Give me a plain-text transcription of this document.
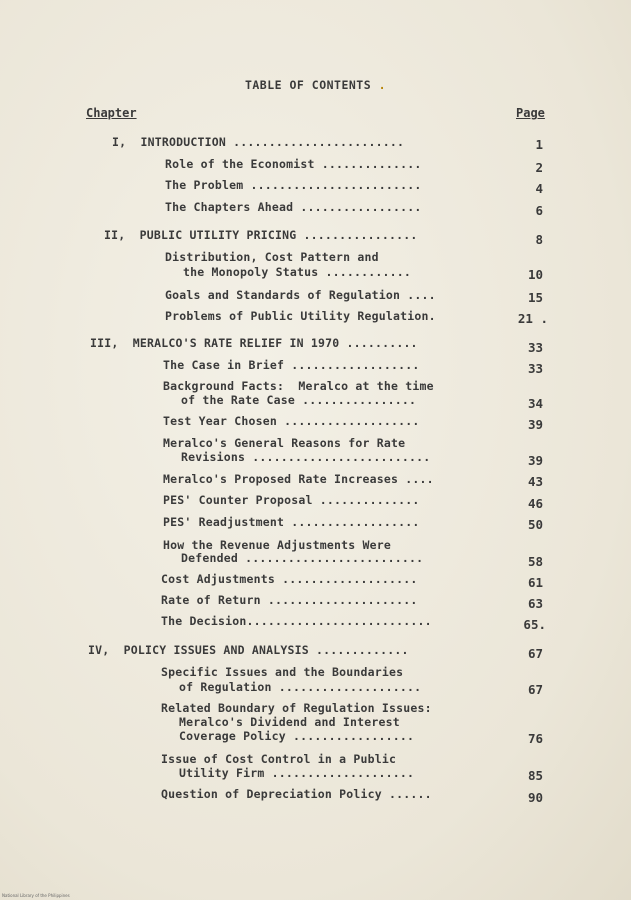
TABLE OF CONTENTS .
Chapter	Page
I,  INTRODUCTION ........................	1
Role of the Economist ..............	2
The Problem ........................	4
The Chapters Ahead .................	6
II,  PUBLIC UTILITY PRICING ................	8
Distribution, Cost Pattern and
the Monopoly Status ............	10
Goals and Standards of Regulation ....	15
Problems of Public Utility Regulation.	21 .
III,  MERALCO'S RATE RELIEF IN 1970 ..........	33
The Case in Brief ..................	33
Background Facts:  Meralco at the time
of the Rate Case ................	34
Test Year Chosen ...................	39
Meralco's General Reasons for Rate
Revisions .........................	39
Meralco's Proposed Rate Increases ....	43
PES' Counter Proposal ..............	46
PES' Readjustment ..................	50
How the Revenue Adjustments Were
Defended .........................	58
Cost Adjustments ...................	61
Rate of Return .....................	63
The Decision..........................	65.
IV,  POLICY ISSUES AND ANALYSIS .............	67
Specific Issues and the Boundaries
of Regulation ....................	67
Related Boundary of Regulation Issues:
Meralco's Dividend and Interest
Coverage Policy .................	76
Issue of Cost Control in a Public
Utility Firm ....................	85
Question of Depreciation Policy ......	90
National Library of the Philippines
